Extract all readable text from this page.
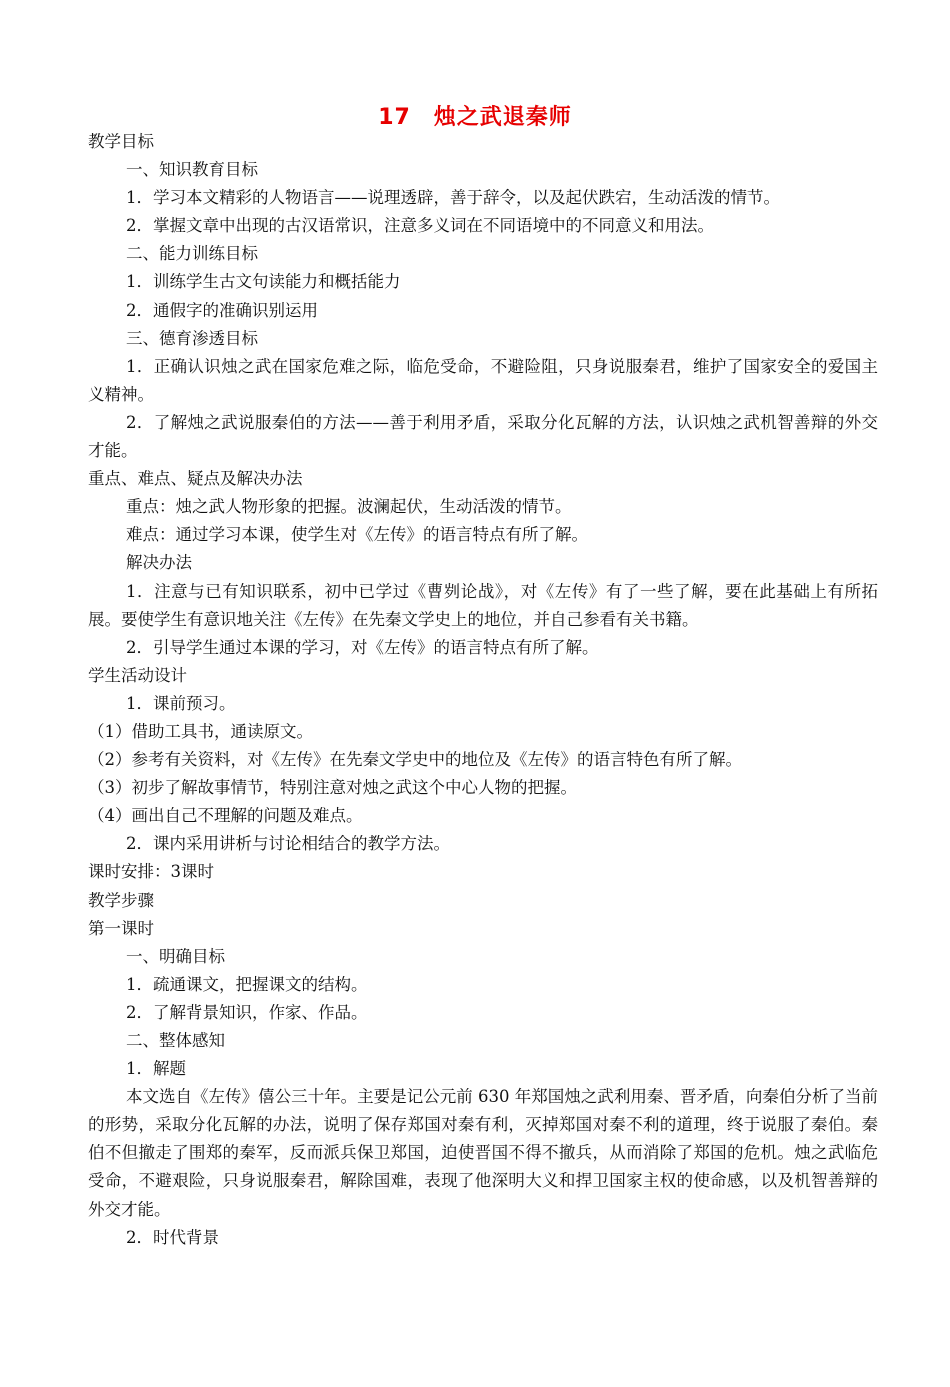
17　烛之武退秦师

教学目标

一、知识教育目标

1．学习本文精彩的人物语言——说理透辟，善于辞令，以及起伏跌宕，生动活泼的情节。

2．掌握文章中出现的古汉语常识，注意多义词在不同语境中的不同意义和用法。

二、能力训练目标

1．训练学生古文句读能力和概括能力

2．通假字的准确识别运用

三、德育渗透目标

1．正确认识烛之武在国家危难之际，临危受命，不避险阻，只身说服秦君，维护了国家安全的爱国主义精神。

2．了解烛之武说服秦伯的方法——善于利用矛盾，采取分化瓦解的方法，认识烛之武机智善辩的外交才能。

重点、难点、疑点及解决办法

重点：烛之武人物形象的把握。波澜起伏，生动活泼的情节。

难点：通过学习本课，使学生对《左传》的语言特点有所了解。

解决办法

1．注意与已有知识联系，初中已学过《曹刿论战》，对《左传》有了一些了解，要在此基础上有所拓展。要使学生有意识地关注《左传》在先秦文学史上的地位，并自己参看有关书籍。

2．引导学生通过本课的学习，对《左传》的语言特点有所了解。

学生活动设计

1．课前预习。

（1）借助工具书，通读原文。

（2）参考有关资料，对《左传》在先秦文学史中的地位及《左传》的语言特色有所了解。

（3）初步了解故事情节，特别注意对烛之武这个中心人物的把握。

（4）画出自己不理解的问题及难点。

2．课内采用讲析与讨论相结合的教学方法。

课时安排：3课时

教学步骤

第一课时

一、明确目标

1．疏通课文，把握课文的结构。

2．了解背景知识，作家、作品。

二、整体感知

1．解题

本文选自《左传》僖公三十年。主要是记公元前 630 年郑国烛之武利用秦、晋矛盾，向秦伯分析了当前的形势，采取分化瓦解的办法，说明了保存郑国对秦有利，灭掉郑国对秦不利的道理，终于说服了秦伯。秦伯不但撤走了围郑的秦军，反而派兵保卫郑国，迫使晋国不得不撤兵，从而消除了郑国的危机。烛之武临危受命，不避艰险，只身说服秦君，解除国难，表现了他深明大义和捍卫国家主权的使命感，以及机智善辩的外交才能。

2．时代背景
